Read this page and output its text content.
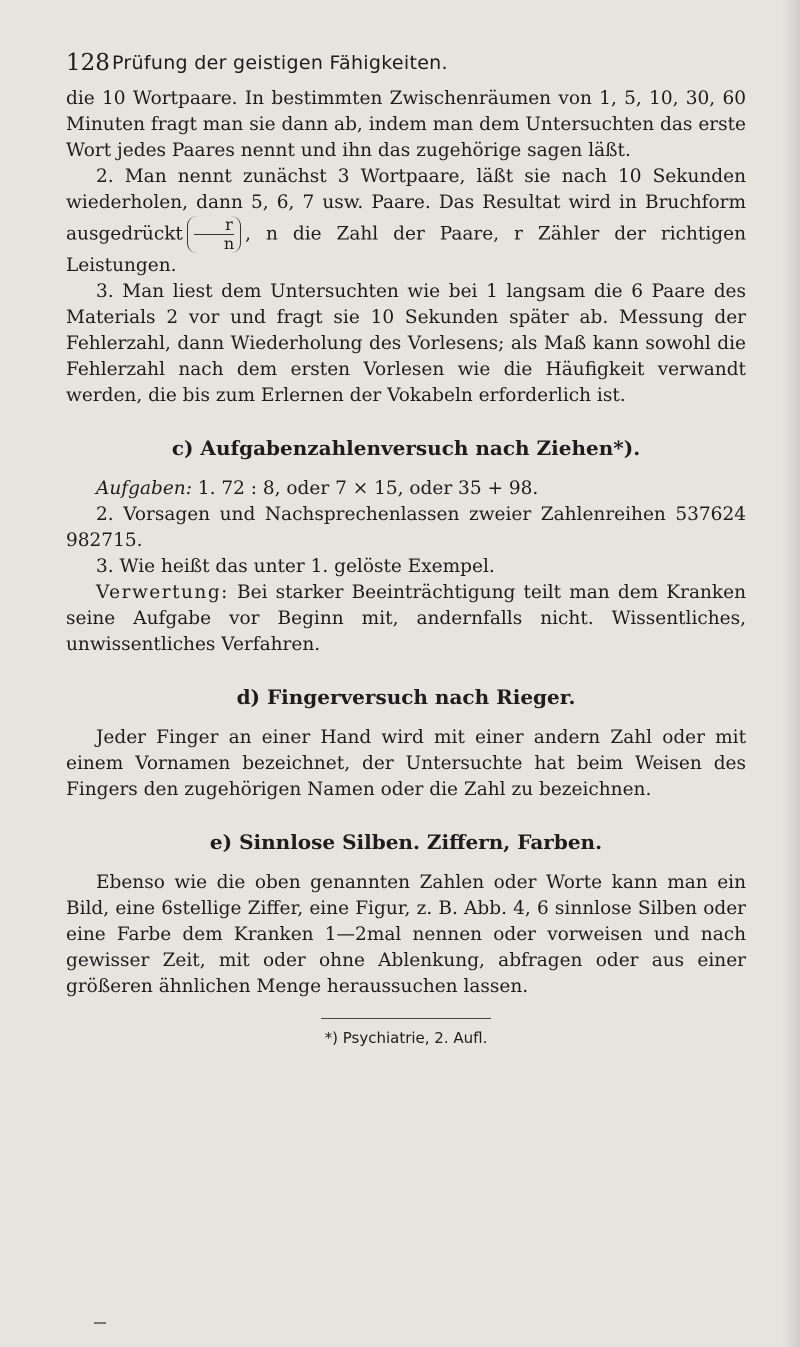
128 Prüfung der geistigen Fähigkeiten.

die 10 Wortpaare. In bestimmten Zwischenräumen von 1, 5, 10, 30, 60 Minuten fragt man sie dann ab, indem man dem Untersuchten das erste Wort jedes Paares nennt und ihn das zugehörige sagen läßt.

2. Man nennt zunächst 3 Wortpaare, läßt sie nach 10 Sekunden wiederholen, dann 5, 6, 7 usw. Paare. Das Resultat wird in Bruchform ausgedrückt $\frac{r}{n}$ , n die Zahl der Paare, r Zähler der richtigen Leistungen.

3. Man liest dem Untersuchten wie bei 1 langsam die 6 Paare des Materials 2 vor und fragt sie 10 Sekunden später ab. Messung der Fehlerzahl, dann Wiederholung des Vorlesens; als Maß kann sowohl die Fehlerzahl nach dem ersten Vorlesen wie die Häufigkeit verwandt werden, die bis zum Erlernen der Vokabeln erforderlich ist.

c) Aufgabenzahlenversuch nach Ziehen*).

Aufgaben: 1. 72 : 8, oder 7 × 15, oder 35 + 98.

2. Vorsagen und Nachsprechenlassen zweier Zahlenreihen 537624 982715.

3. Wie heißt das unter 1. gelöste Exempel.

Verwertung: Bei starker Beeinträchtigung teilt man dem Kranken seine Aufgabe vor Beginn mit, andernfalls nicht. Wissentliches, unwissentliches Verfahren.

d) Fingerversuch nach Rieger.

Jeder Finger an einer Hand wird mit einer andern Zahl oder mit einem Vornamen bezeichnet, der Untersuchte hat beim Weisen des Fingers den zugehörigen Namen oder die Zahl zu bezeichnen.

e) Sinnlose Silben. Ziffern, Farben.

Ebenso wie die oben genannten Zahlen oder Worte kann man ein Bild, eine 6stellige Ziffer, eine Figur, z. B. Abb. 4, 6 sinnlose Silben oder eine Farbe dem Kranken 1—2mal nennen oder vorweisen und nach gewisser Zeit, mit oder ohne Ablenkung, abfragen oder aus einer größeren ähnlichen Menge heraussuchen lassen.

*) Psychiatrie, 2. Aufl.
